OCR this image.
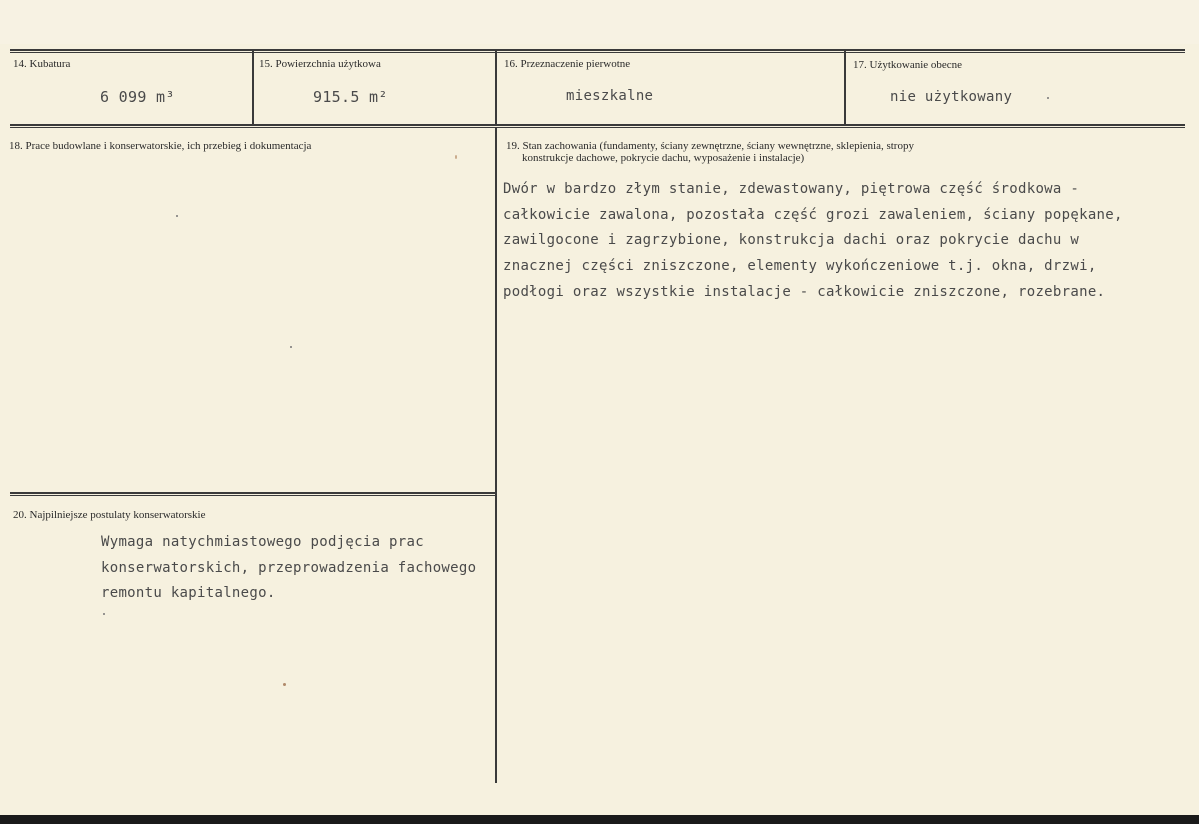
14. Kubatura
6 099 m³
15. Powierzchnia użytkowa
915.5 m²
16. Przeznaczenie pierwotne
mieszkalne
17. Użytkowanie obecne
nie użytkowany
18. Prace budowlane i konserwatorskie, ich przebieg i dokumentacja	19. Stan zachowania (fundamenty, ściany zewnętrzne, ściany wewnętrzne, sklepienia, stropy
konstrukcje dachowe, pokrycie dachu, wyposażenie i instalacje)
Dwór w bardzo złym stanie, zdewastowany, piętrowa część środkowa -
całkowicie zawalona, pozostała część grozi zawaleniem, ściany popękane,
zawilgocone i zagrzybione, konstrukcja dachi oraz pokrycie dachu w
znacznej części zniszczone, elementy wykończeniowe t.j. okna, drzwi,
podłogi oraz wszystkie instalacje - całkowicie zniszczone, rozebrane.
20. Najpilniejsze postulaty konserwatorskie
Wymaga natychmiastowego podjęcia prac
konserwatorskich, przeprowadzenia fachowego
remontu kapitalnego.
